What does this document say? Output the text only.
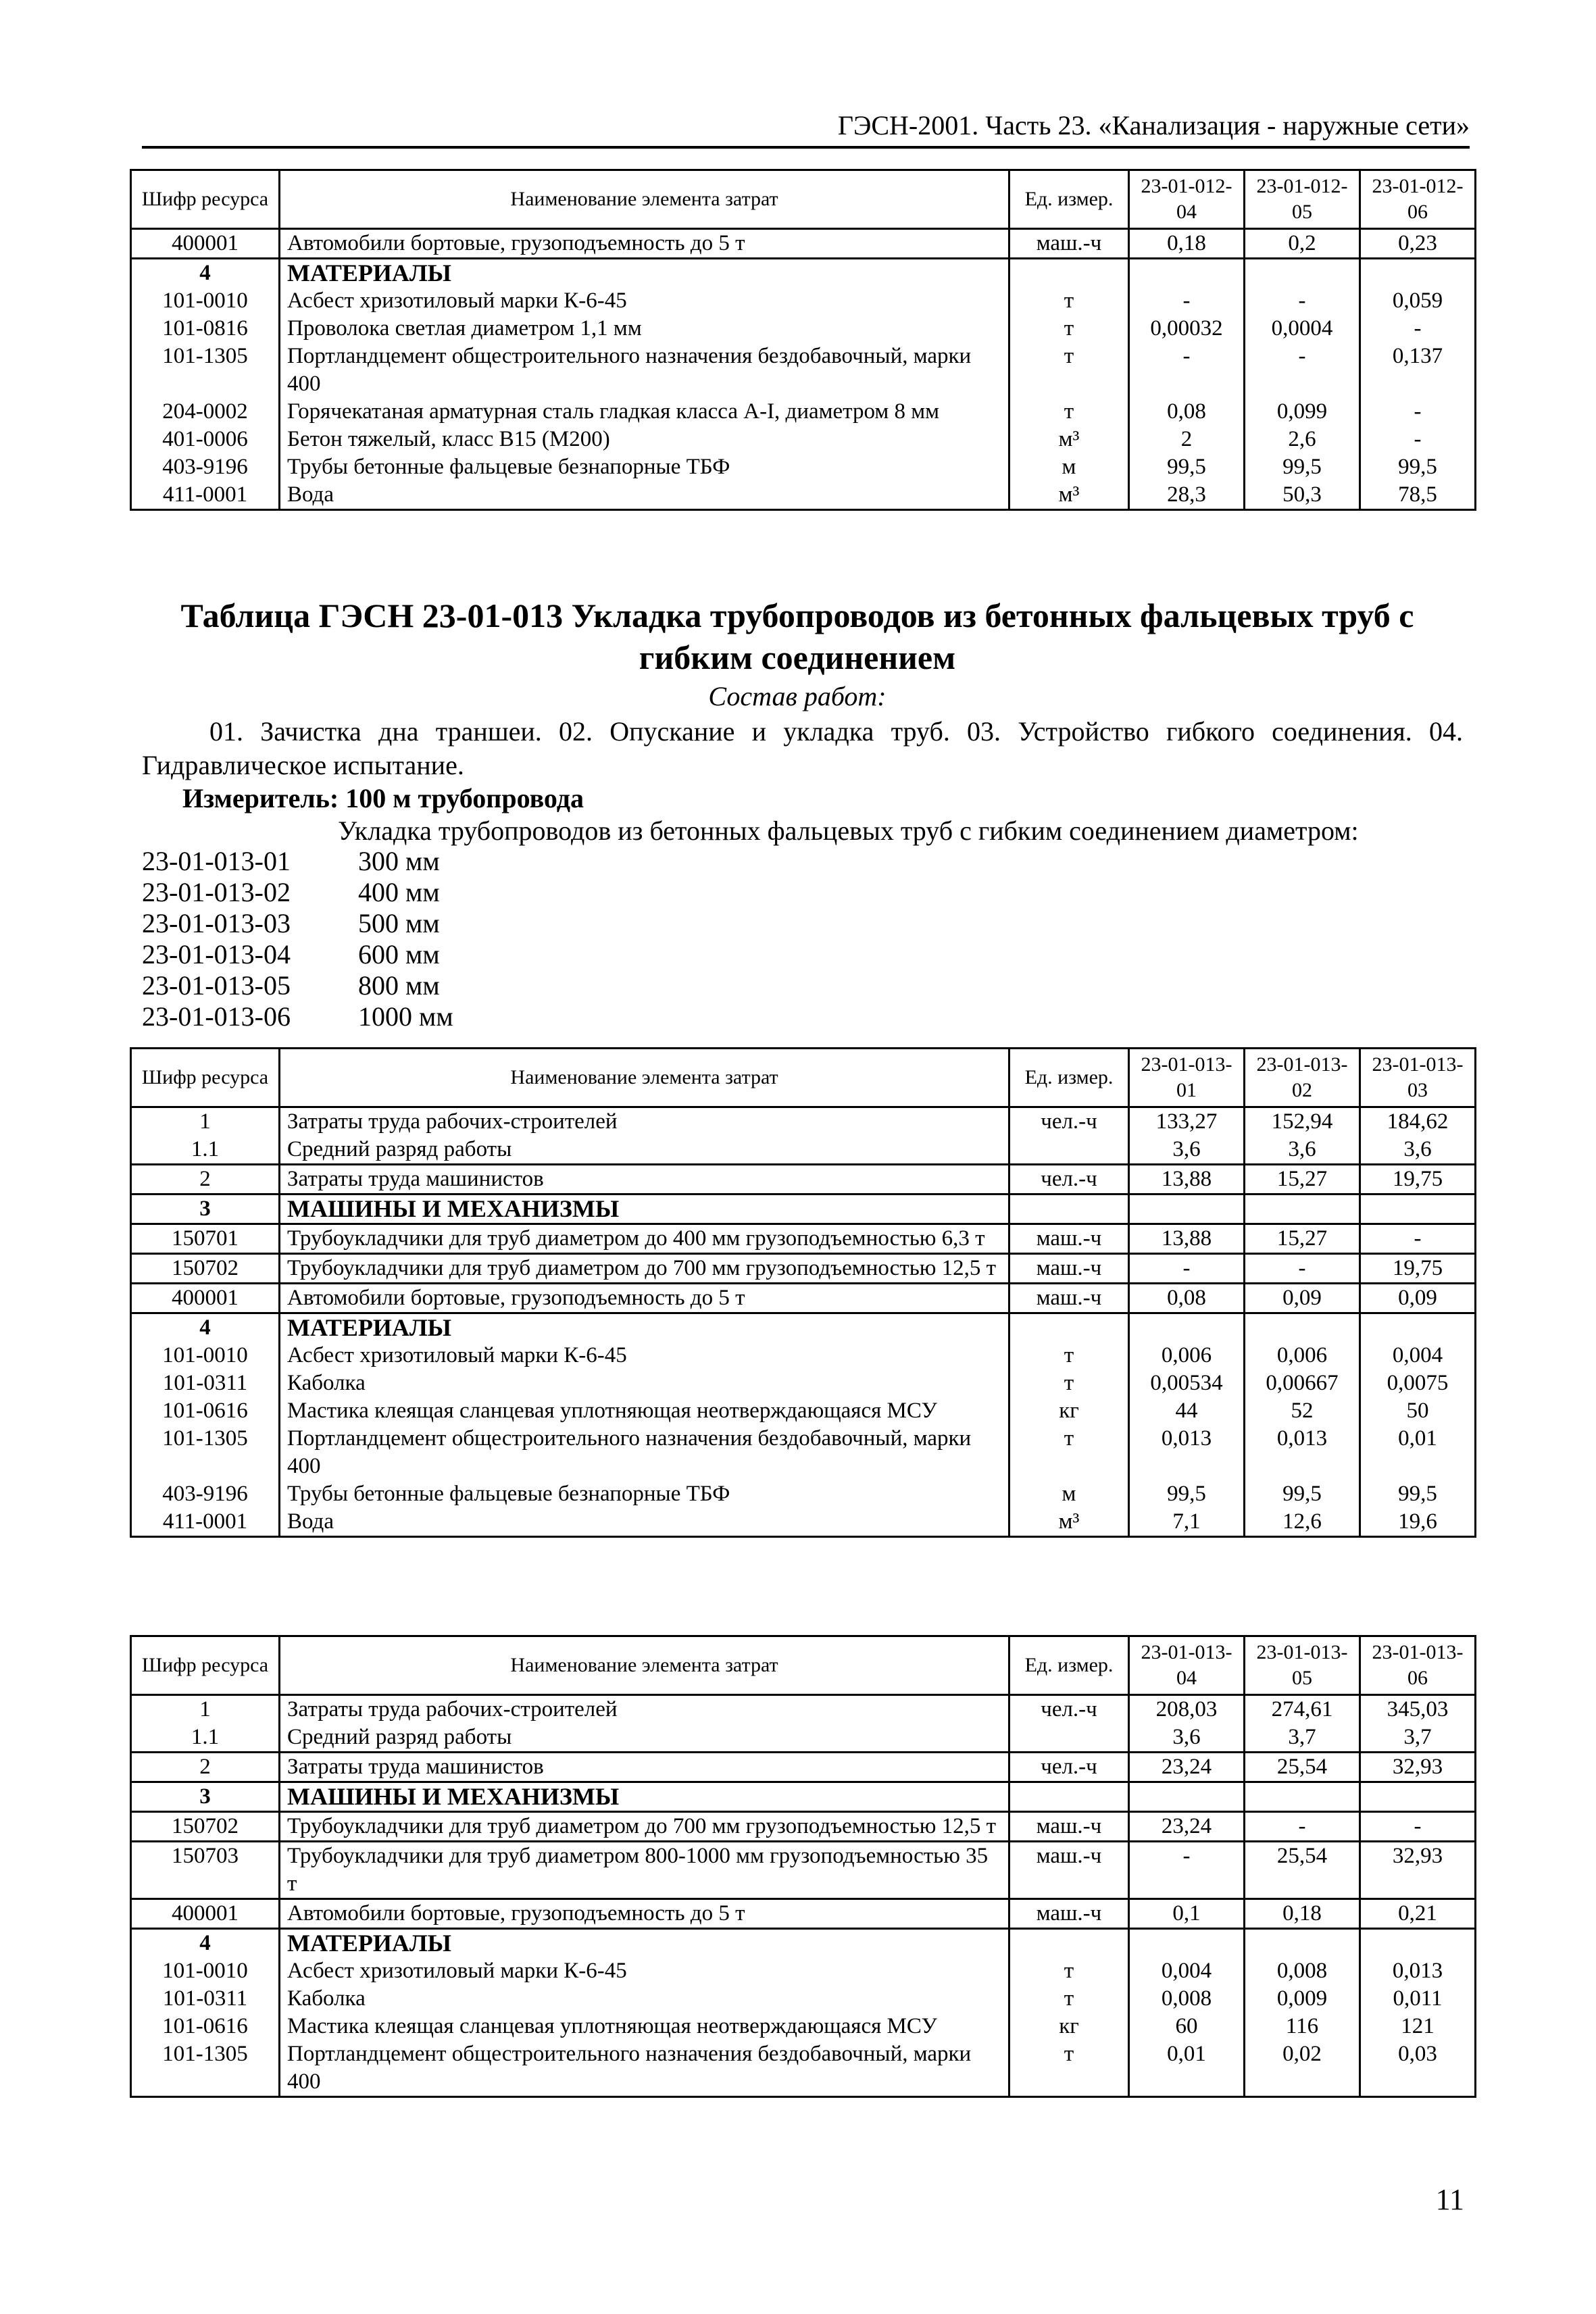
ГЭСН-2001. Часть 23. «Канализация - наружные сети»
Шифр ресурса	Наименование элемента затрат	Ед. измер.	23-01-012-04	23-01-012-05	23-01-012-06
400001	Автомобили бортовые, грузоподъемность до 5 т	маш.-ч	0,18	0,2	0,23
4	МАТЕРИАЛЫ				
101-0010	Асбест хризотиловый марки К-6-45	т	-	-	0,059
101-0816	Проволока светлая диаметром 1,1 мм	т	0,00032	0,0004	-
101-1305	Портландцемент общестроительного назначения бездобавочный, марки 400	т	-	-	0,137
204-0002	Горячекатаная арматурная сталь гладкая класса А-I, диаметром 8 мм	т	0,08	0,099	-
401-0006	Бетон тяжелый, класс В15 (М200)	м³	2	2,6	-
403-9196	Трубы бетонные фальцевые безнапорные ТБФ	м	99,5	99,5	99,5
411-0001	Вода	м³	28,3	50,3	78,5
Таблица ГЭСН 23-01-013 Укладка трубопроводов из бетонных фальцевых труб с гибким соединением
Состав работ:

01. Зачистка дна траншеи. 02. Опускание и укладка труб. 03. Устройство гибкого соединения. 04. Гидравлическое испытание.

Измеритель: 100 м трубопровода
Укладка трубопроводов из бетонных фальцевых труб с гибким соединением диаметром:
23-01-013-01	300 мм
23-01-013-02	400 мм
23-01-013-03	500 мм
23-01-013-04	600 мм
23-01-013-05	800 мм
23-01-013-06	1000 мм
Шифр ресурса	Наименование элемента затрат	Ед. измер.	23-01-013-01	23-01-013-02	23-01-013-03
1	Затраты труда рабочих-строителей	чел.-ч	133,27	152,94	184,62
1.1	Средний разряд работы		3,6	3,6	3,6
2	Затраты труда машинистов	чел.-ч	13,88	15,27	19,75
3	МАШИНЫ И МЕХАНИЗМЫ				
150701	Трубоукладчики для труб диаметром до 400 мм грузоподъемностью 6,3 т	маш.-ч	13,88	15,27	-
150702	Трубоукладчики для труб диаметром до 700 мм грузоподъемностью 12,5 т	маш.-ч	-	-	19,75
400001	Автомобили бортовые, грузоподъемность до 5 т	маш.-ч	0,08	0,09	0,09
4	МАТЕРИАЛЫ				
101-0010	Асбест хризотиловый марки К-6-45	т	0,006	0,006	0,004
101-0311	Каболка	т	0,00534	0,00667	0,0075
101-0616	Мастика клеящая сланцевая уплотняющая неотверждающаяся МСУ	кг	44	52	50
101-1305	Портландцемент общестроительного назначения бездобавочный, марки 400	т	0,013	0,013	0,01
403-9196	Трубы бетонные фальцевые безнапорные ТБФ	м	99,5	99,5	99,5
411-0001	Вода	м³	7,1	12,6	19,6
Шифр ресурса	Наименование элемента затрат	Ед. измер.	23-01-013-04	23-01-013-05	23-01-013-06
1	Затраты труда рабочих-строителей	чел.-ч	208,03	274,61	345,03
1.1	Средний разряд работы		3,6	3,7	3,7
2	Затраты труда машинистов	чел.-ч	23,24	25,54	32,93
3	МАШИНЫ И МЕХАНИЗМЫ				
150702	Трубоукладчики для труб диаметром до 700 мм грузоподъемностью 12,5 т	маш.-ч	23,24	-	-
150703	Трубоукладчики для труб диаметром 800-1000 мм грузоподъемностью 35 т	маш.-ч	-	25,54	32,93
400001	Автомобили бортовые, грузоподъемность до 5 т	маш.-ч	0,1	0,18	0,21
4	МАТЕРИАЛЫ				
101-0010	Асбест хризотиловый марки К-6-45	т	0,004	0,008	0,013
101-0311	Каболка	т	0,008	0,009	0,011
101-0616	Мастика клеящая сланцевая уплотняющая неотверждающаяся МСУ	кг	60	116	121
101-1305	Портландцемент общестроительного назначения бездобавочный, марки 400	т	0,01	0,02	0,03
11
